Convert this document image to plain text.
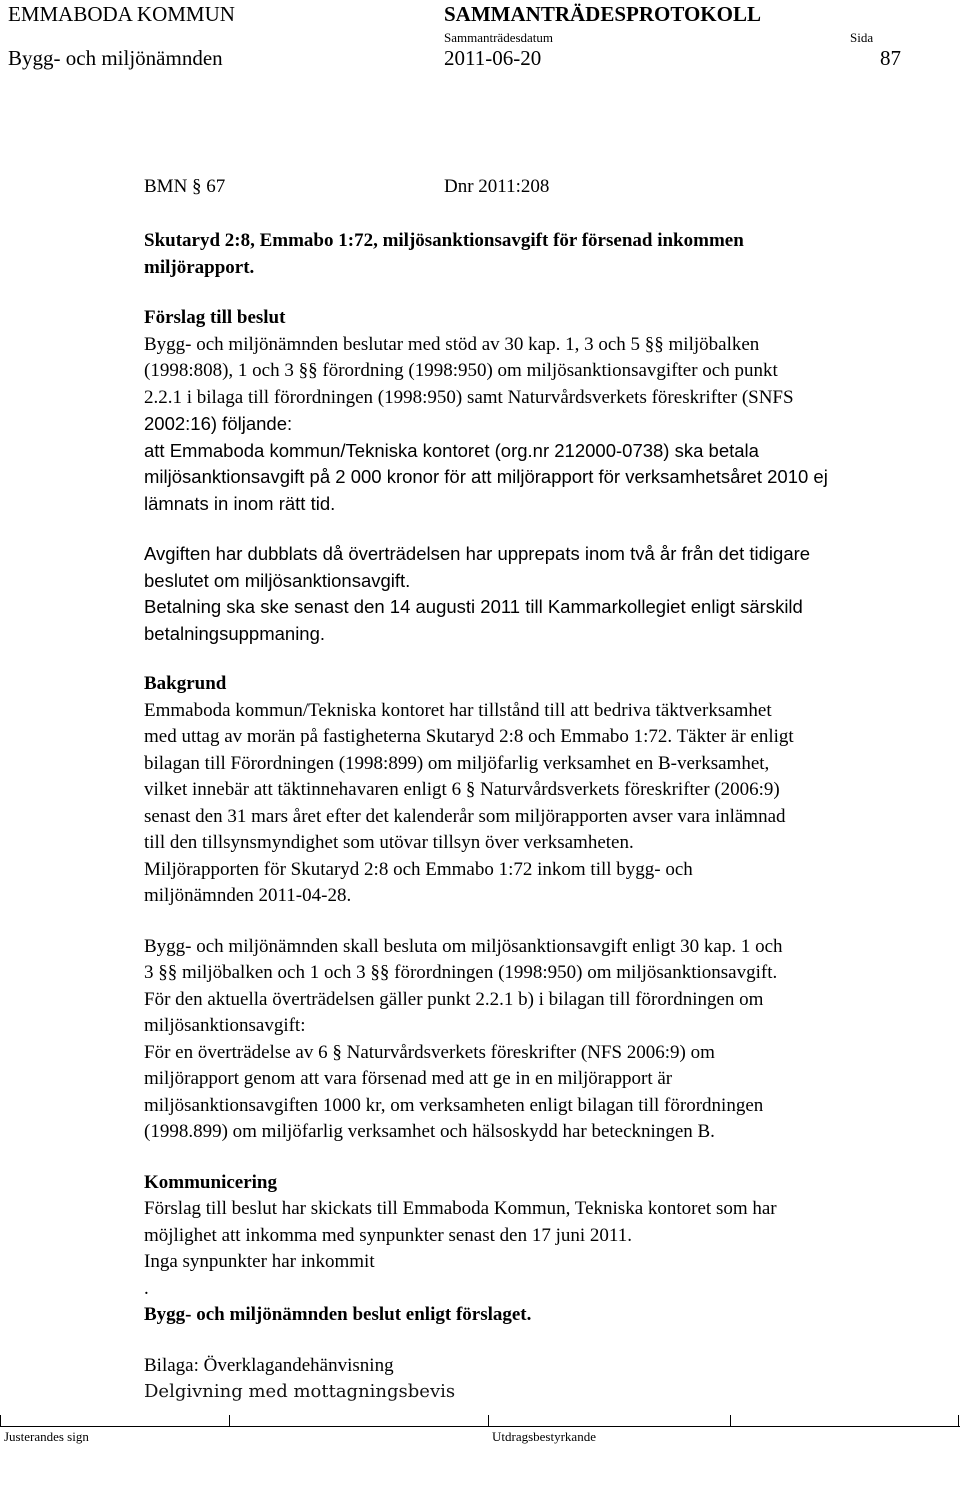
EMMABODA KOMMUN	SAMMANTRÄDESPROTOKOLL
Sammanträdesdatum	Sida
Bygg- och miljönämnden	2011-06-20	87
BMN § 67	Dnr 2011:208

Skutaryd 2:8, Emmabo 1:72, miljösanktionsavgift för försenad inkommen

miljörapport.

Förslag till beslut

Bygg- och miljönämnden beslutar med stöd av 30 kap. 1, 3 och 5 §§ miljöbalken

(1998:808), 1 och 3 §§ förordning (1998:950) om miljösanktionsavgifter och punkt

2.2.1 i bilaga till förordningen (1998:950) samt Naturvårdsverkets föreskrifter (SNFS

2002:16) följande:

att Emmaboda kommun/Tekniska kontoret (org.nr 212000-0738) ska betala

miljösanktionsavgift på 2 000 kronor för att miljörapport för verksamhetsåret 2010 ej

lämnats in inom rätt tid.

Avgiften har dubblats då överträdelsen har upprepats inom två år från det tidigare

beslutet om miljösanktionsavgift.

Betalning ska ske senast den 14 augusti 2011 till Kammarkollegiet enligt särskild

betalningsuppmaning.

Bakgrund

Emmaboda kommun/Tekniska kontoret har tillstånd till att bedriva täktverksamhet

med uttag av morän på fastigheterna Skutaryd 2:8 och Emmabo 1:72. Täkter är enligt

bilagan till Förordningen (1998:899) om miljöfarlig verksamhet en B-verksamhet,

vilket innebär att täktinnehavaren enligt 6 § Naturvårdsverkets föreskrifter (2006:9)

senast den 31 mars året efter det kalenderår som miljörapporten avser vara inlämnad

till den tillsynsmyndighet som utövar tillsyn över verksamheten.

Miljörapporten för Skutaryd 2:8 och Emmabo 1:72 inkom till bygg- och

miljönämnden 2011-04-28.

Bygg- och miljönämnden skall besluta om miljösanktionsavgift enligt 30 kap. 1 och

3 §§ miljöbalken och 1 och 3 §§ förordningen (1998:950) om miljösanktionsavgift.

För den aktuella överträdelsen gäller punkt 2.2.1 b) i bilagan till förordningen om

miljösanktionsavgift:

För en överträdelse av 6 § Naturvårdsverkets föreskrifter (NFS 2006:9) om

miljörapport genom att vara försenad med att ge in en miljörapport är

miljösanktionsavgiften 1000 kr, om verksamheten enligt bilagan till förordningen

(1998.899) om miljöfarlig verksamhet och hälsoskydd har beteckningen B.

Kommunicering

Förslag till beslut har skickats till Emmaboda Kommun, Tekniska kontoret som har

möjlighet att inkomma med synpunkter senast den 17 juni 2011.

Inga synpunkter har inkommit

.

Bygg- och miljönämnden beslut enligt förslaget.

Bilaga: Överklagandehänvisning

Delgivning med mottagningsbevis

Justerandes sign	Utdragsbestyrkande
